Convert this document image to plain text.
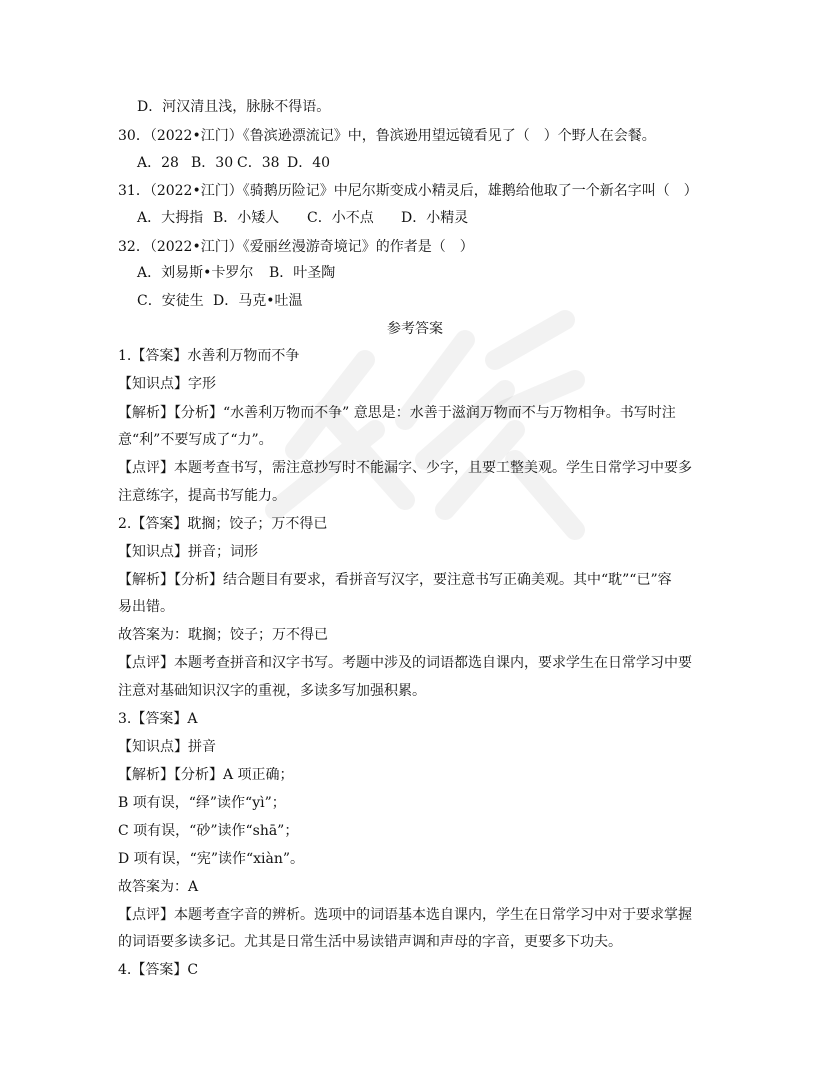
D．河汉清且浅，脉脉不得语。
30．（2022•江门）《鲁滨逊漂流记》中，鲁滨逊用望远镜看见了（　）个野人在会餐。
A．28 B．30 C．38 D．40
31．（2022•江门）《骑鹅历险记》中尼尔斯变成小精灵后，雄鹅给他取了一个新名字叫（　）
A．大拇指 B．小矮人 C．小不点 D．小精灵
32．（2022•江门）《爱丽丝漫游奇境记》的作者是（　）
A．刘易斯•卡罗尔 B．叶圣陶
C．安徒生 D．马克•吐温
参考答案
1.【答案】水善利万物而不争
【知识点】字形
【解析】【分析】“水善利万物而不争” 意思是：水善于滋润万物而不与万物相争。书写时注
意“利”不要写成了“力”。
【点评】本题考查书写，需注意抄写时不能漏字、少字，且要工整美观。学生日常学习中要多
注意练字，提高书写能力。
2.【答案】耽搁；饺子；万不得已
【知识点】拼音；词形
【解析】【分析】结合题目有要求，看拼音写汉字，要注意书写正确美观。其中“耽”“已”容
易出错。
故答案为：耽搁；饺子；万不得已
【点评】本题考查拼音和汉字书写。考题中涉及的词语都选自课内，要求学生在日常学习中要
注意对基础知识汉字的重视，多读多写加强积累。
3.【答案】A
【知识点】拼音
【解析】【分析】A 项正确；
B 项有误，“绎”读作“yì”；
C 项有误，“砂”读作“shā”；
D 项有误，“宪”读作“xiàn”。
故答案为：A
【点评】本题考查字音的辨析。选项中的词语基本选自课内，学生在日常学习中对于要求掌握
的词语要多读多记。尤其是日常生活中易读错声调和声母的字音，更要多下功夫。
4.【答案】C
